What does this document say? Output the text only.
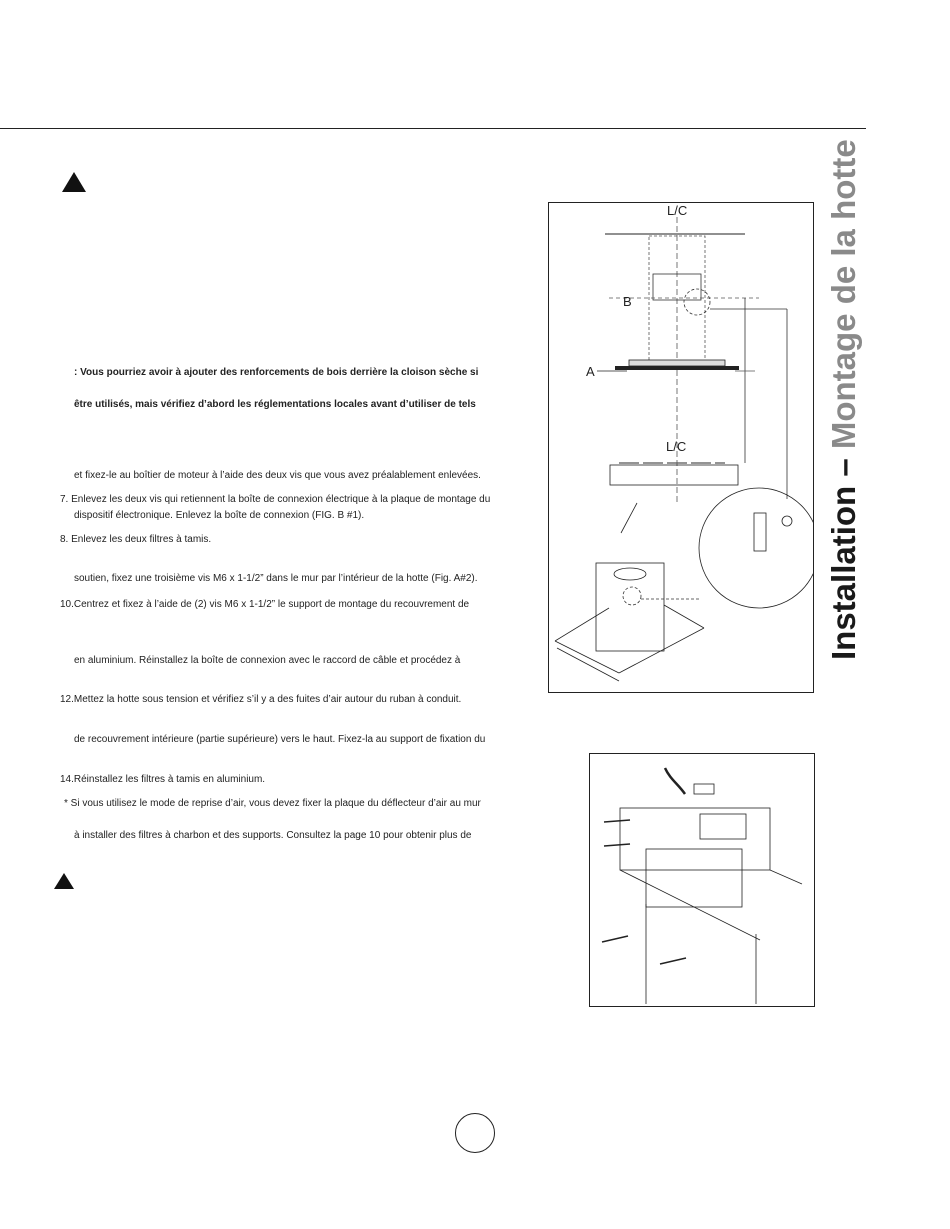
: Vous pourriez avoir à ajouter des renforcements de bois derrière la cloison sèche si
être utilisés, mais vérifiez d’abord les réglementations locales avant d’utiliser de tels
et fixez-le au boîtier de moteur à l’aide des deux vis que vous avez préalablement enlevées.
7. Enlevez les deux vis qui retiennent la boîte de connexion électrique à la plaque de montage du
dispositif électronique. Enlevez la boîte de connexion (FIG. B #1).
8. Enlevez les deux filtres à tamis.
soutien, fixez une troisième vis M6 x 1-1/2” dans le mur par l’intérieur de la hotte (Fig. A#2).
10.Centrez et fixez à l’aide de (2) vis M6 x 1-1/2” le support de montage du recouvrement de
en aluminium. Réinstallez la boîte de connexion avec le raccord de câble et procédez à
12.Mettez la hotte sous tension et vérifiez s’il y a des fuites d’air autour du ruban à conduit.
de recouvrement intérieure (partie supérieure) vers le haut. Fixez-la au support de fixation du
14.Réinstallez les filtres à tamis en aluminium.
* Si vous utilisez le mode de reprise d’air, vous devez fixer la plaque du déflecteur d’air au mur
à installer des filtres à charbon et des supports. Consultez la page 10 pour obtenir plus de
Installation – Montage de la hotte
L/C
B
A
L/C
